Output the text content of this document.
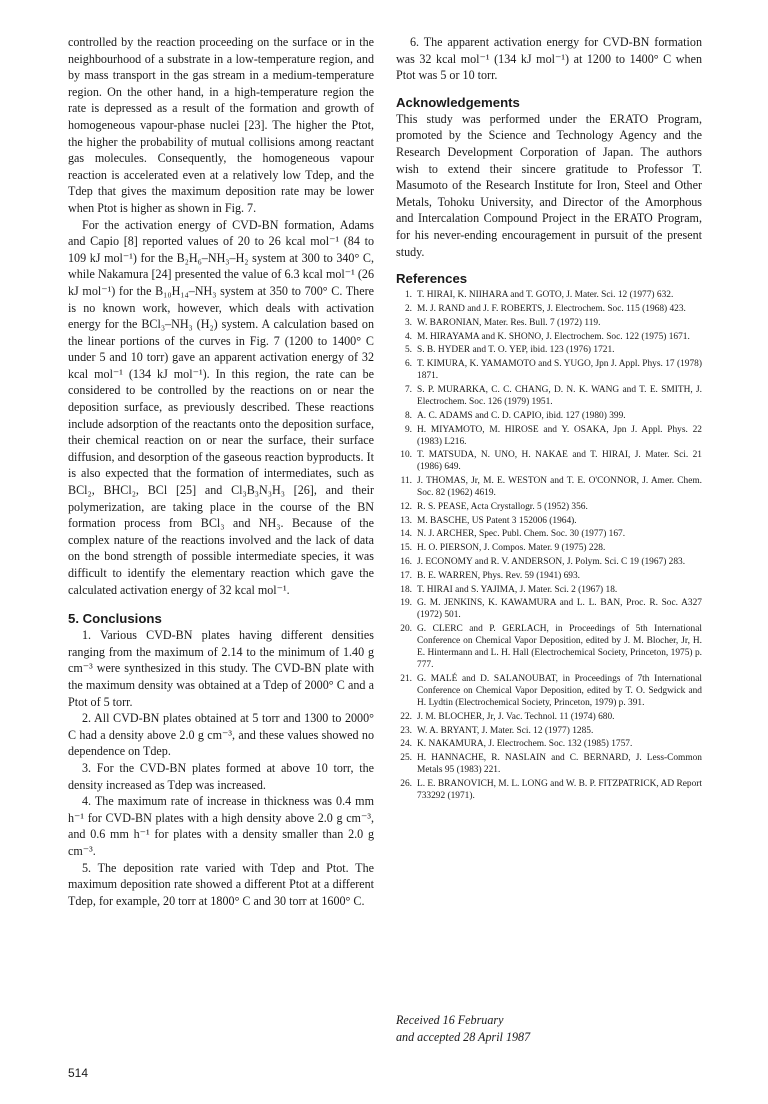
controlled by the reaction proceeding on the surface or in the neighbourhood of a substrate in a low-temperature region, and by mass transport in the gas stream in a medium-temperature region. On the other hand, in a high-temperature region the rate is depressed as a result of the formation and growth of homogeneous vapour-phase nuclei [23]. The higher the Ptot, the higher the probability of mutual collisions among reactant gas molecules. Consequently, the homogeneous vapour reaction is accelerated even at a relatively low Tdep, and the Tdep that gives the maximum deposition rate may be lower when Ptot is higher as shown in Fig. 7.

For the activation energy of CVD-BN formation, Adams and Capio [8] reported values of 20 to 26 kcal mol⁻¹ (84 to 109 kJ mol⁻¹) for the B₂H₆–NH₃–H₂ system at 300 to 340° C, while Nakamura [24] presented the value of 6.3 kcal mol⁻¹ (26 kJ mol⁻¹) for the B₁₀H₁₄–NH₃ system at 350 to 700° C. There is no known work, however, which deals with activation energy for the BCl₃–NH₃ (H₂) system. A calculation based on the linear portions of the curves in Fig. 7 (1200 to 1400° C under 5 and 10 torr) gave an apparent activation energy of 32 kcal mol⁻¹ (134 kJ mol⁻¹). In this region, the rate can be considered to be controlled by the reactions on or near the deposition surface, as previously described. These reactions include adsorption of the reactants onto the deposition surface, their chemical reaction on or near the surface, their surface diffusion, and desorption of the gaseous reaction byproducts. It is also expected that the formation of intermediates, such as BCl₂, BHCl₂, BCl [25] and Cl₃B₃N₃H₃ [26], and their polymerization, are taking place in the course of the BN formation process from BCl₃ and NH₃. Because of the complex nature of the reactions involved and the lack of data on the bond strength of possible intermediate species, it was difficult to identify the elementary reaction which gave the calculated activation energy of 32 kcal mol⁻¹.

5. Conclusions

1. Various CVD-BN plates having different densities ranging from the maximum of 2.14 to the minimum of 1.40 g cm⁻³ were synthesized in this study. The CVD-BN plate with the maximum density was obtained at a Tdep of 2000° C and a Ptot of 5 torr.

2. All CVD-BN plates obtained at 5 torr and 1300 to 2000° C had a density above 2.0 g cm⁻³, and these values showed no dependence on Tdep.

3. For the CVD-BN plates formed at above 10 torr, the density increased as Tdep was increased.

4. The maximum rate of increase in thickness was 0.4 mm h⁻¹ for CVD-BN plates with a high density above 2.0 g cm⁻³, and 0.6 mm h⁻¹ for plates with a density smaller than 2.0 g cm⁻³.

5. The deposition rate varied with Tdep and Ptot. The maximum deposition rate showed a different Ptot at a different Tdep, for example, 20 torr at 1800° C and 30 torr at 1600° C.

6. The apparent activation energy for CVD-BN formation was 32 kcal mol⁻¹ (134 kJ mol⁻¹) at 1200 to 1400° C when Ptot was 5 or 10 torr.

Acknowledgements

This study was performed under the ERATO Program, promoted by the Science and Technology Agency and the Research Development Corporation of Japan. The authors wish to extend their sincere gratitude to Professor T. Masumoto of the Research Institute for Iron, Steel and Other Metals, Tohoku University, and Director of the Amorphous and Intercalation Compound Project in the ERATO Program, for his never-ending encouragement in pursuit of the present study.

References
1. T. HIRAI, K. NIIHARA and T. GOTO, J. Mater. Sci. 12 (1977) 632.
2. M. J. RAND and J. F. ROBERTS, J. Electrochem. Soc. 115 (1968) 423.
3. W. BARONIAN, Mater. Res. Bull. 7 (1972) 119.
4. M. HIRAYAMA and K. SHONO, J. Electrochem. Soc. 122 (1975) 1671.
5. S. B. HYDER and T. O. YEP, ibid. 123 (1976) 1721.
6. T. KIMURA, K. YAMAMOTO and S. YUGO, Jpn J. Appl. Phys. 17 (1978) 1871.
7. S. P. MURARKA, C. C. CHANG, D. N. K. WANG and T. E. SMITH, J. Electrochem. Soc. 126 (1979) 1951.
8. A. C. ADAMS and C. D. CAPIO, ibid. 127 (1980) 399.
9. H. MIYAMOTO, M. HIROSE and Y. OSAKA, Jpn J. Appl. Phys. 22 (1983) L216.
10. T. MATSUDA, N. UNO, H. NAKAE and T. HIRAI, J. Mater. Sci. 21 (1986) 649.
11. J. THOMAS, Jr, M. E. WESTON and T. E. O'CONNOR, J. Amer. Chem. Soc. 82 (1962) 4619.
12. R. S. PEASE, Acta Crystallogr. 5 (1952) 356.
13. M. BASCHE, US Patent 3 152006 (1964).
14. N. J. ARCHER, Spec. Publ. Chem. Soc. 30 (1977) 167.
15. H. O. PIERSON, J. Compos. Mater. 9 (1975) 228.
16. J. ECONOMY and R. V. ANDERSON, J. Polym. Sci. C 19 (1967) 283.
17. B. E. WARREN, Phys. Rev. 59 (1941) 693.
18. T. HIRAI and S. YAJIMA, J. Mater. Sci. 2 (1967) 18.
19. G. M. JENKINS, K. KAWAMURA and L. L. BAN, Proc. R. Soc. A327 (1972) 501.
20. G. CLERC and P. GERLACH, in Proceedings of 5th International Conference on Chemical Vapor Deposition, edited by J. M. Blocher, Jr, H. E. Hintermann and L. H. Hall (Electrochemical Society, Princeton, 1975) p. 777.
21. G. MALÉ and D. SALANOUBAT, in Proceedings of 7th International Conference on Chemical Vapor Deposition, edited by T. O. Sedgwick and H. Lydtin (Electrochemical Society, Princeton, 1979) p. 391.
22. J. M. BLOCHER, Jr, J. Vac. Technol. 11 (1974) 680.
23. W. A. BRYANT, J. Mater. Sci. 12 (1977) 1285.
24. K. NAKAMURA, J. Electrochem. Soc. 132 (1985) 1757.
25. H. HANNACHE, R. NASLAIN and C. BERNARD, J. Less-Common Metals 95 (1983) 221.
26. L. E. BRANOVICH, M. L. LONG and W. B. P. FITZPATRICK, AD Report 733292 (1971).
Received 16 February
and accepted 28 April 1987
514
